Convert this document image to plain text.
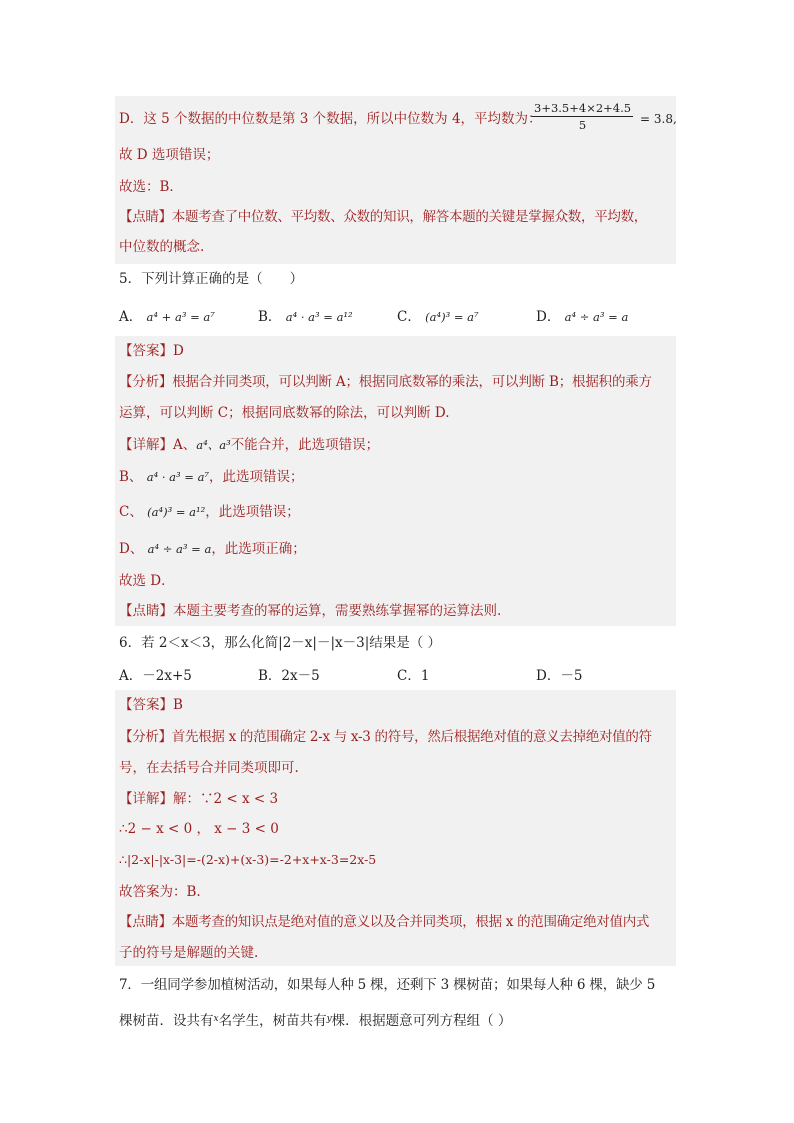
D．这 5 个数据的中位数是第 3 个数据，所以中位数为 4，平均数为：
$\frac{3+3.5+4\times 2+4.5}{5} = 3.8$,
故 D 选项错误；
故选：B．
【点睛】本题考查了中位数、平均数、众数的知识，解答本题的关键是掌握众数，平均数，
中位数的概念.
5．下列计算正确的是（　　）
A． a⁴ + a³ = a⁷	B． a⁴ · a³ = a¹²	C． (a⁴)³ = a⁷	D． a⁴ ÷ a³ = a
【答案】D
【分析】根据合并同类项，可以判断 A；根据同底数幂的乘法，可以判断 B；根据积的乘方
运算，可以判断 C；根据同底数幂的除法，可以判断 D.
【详解】A、a⁴、a³不能合并，此选项错误；
B、 a⁴ · a³ = a⁷，此选项错误；
C、 (a⁴)³ = a¹²，此选项错误；
D、 a⁴ ÷ a³ = a，此选项正确；
故选 D．
【点睛】本题主要考查的幂的运算，需要熟练掌握幂的运算法则.
6．若 2＜x＜3，那么化简|2－x|－|x－3|结果是（ ）
A．－2x+5	B．2x－5	C．1	D．－5
【答案】B
【分析】首先根据 x 的范围确定 2-x 与 x-3 的符号，然后根据绝对值的意义去掉绝对值的符
号，在去括号合并同类项即可.
【详解】解：∵2 < x < 3
∴2 − x < 0 ， x − 3 < 0
∴|2-x|-|x-3|=-(2-x)+(x-3)=-2+x+x-3=2x-5
故答案为：B.
【点睛】本题考查的知识点是绝对值的意义以及合并同类项，根据 x 的范围确定绝对值内式
子的符号是解题的关键.
7．一组同学参加植树活动，如果每人种 5 棵，还剩下 3 棵树苗；如果每人种 6 棵，缺少 5
棵树苗．设共有$^x$名学生，树苗共有$^y$棵．根据题意可列方程组（ ）
